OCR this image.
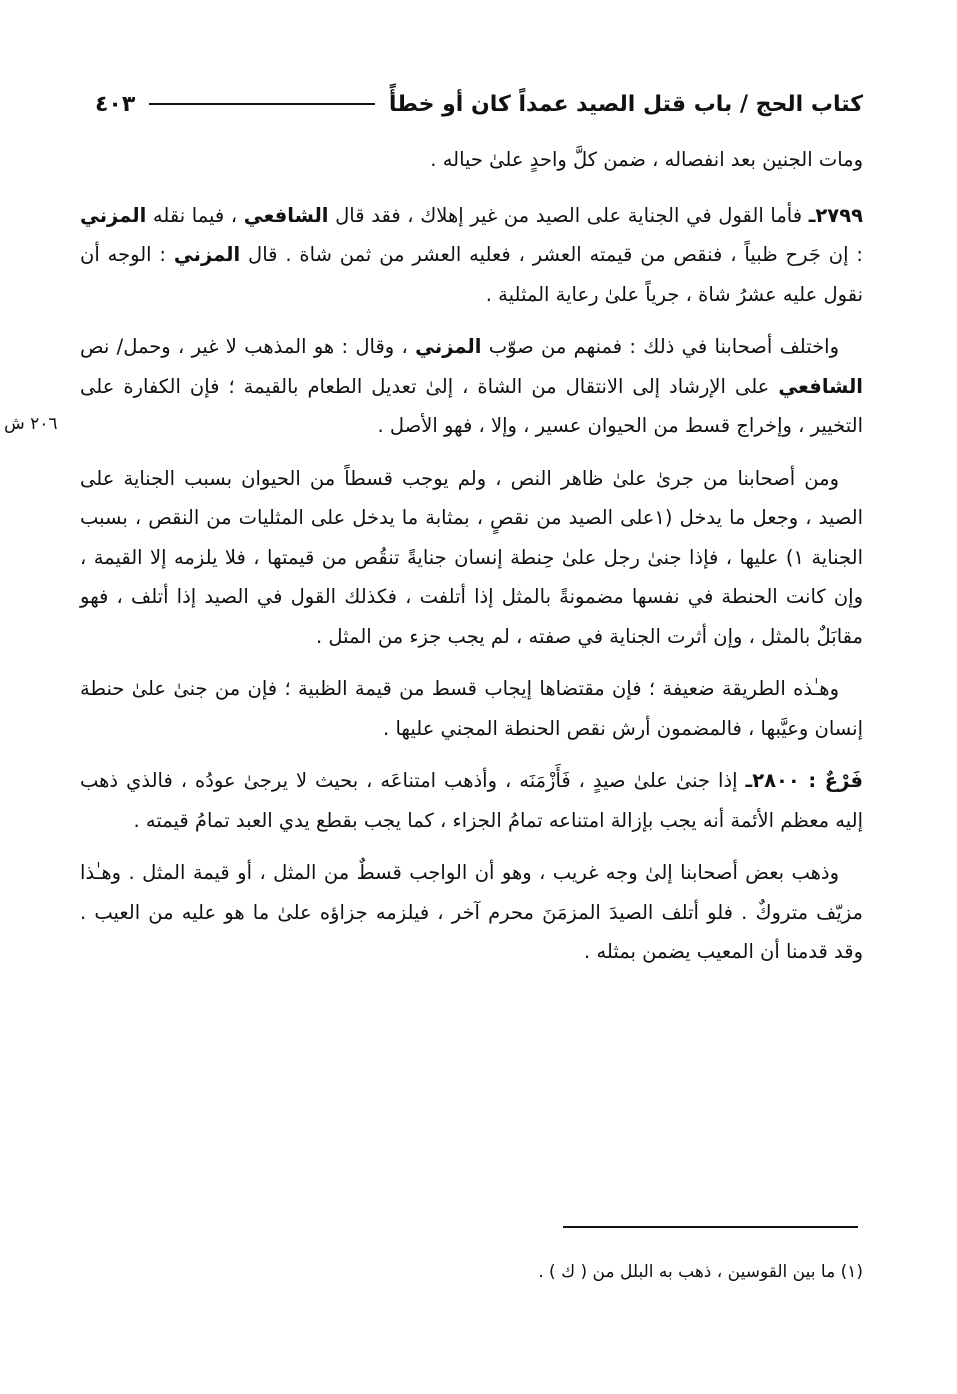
كتاب الحج / باب قتل الصيد عمداً كان أو خطأً
٤٠٣
٢٠٦ ش

ومات الجنين بعد انفصاله ، ضمن كلَّ واحدٍ علىٰ حياله .

٢٧٩٩ـ فأما القول في الجناية على الصيد من غير إهلاك ، فقد قال الشافعي ، فيما نقله المزني : إن جَرح ظبياً ، فنقص من قيمته العشر ، فعليه العشر من ثمن شاة . قال المزني : الوجه أن نقول عليه عشرُ شاة ، جرياً علىٰ رعاية المثلية .

واختلف أصحابنا في ذلك : فمنهم من صوّب المزني ، وقال : هو المذهب لا غير ، وحمل/ نص الشافعي على الإرشاد إلى الانتقال من الشاة ، إلىٰ تعديل الطعام بالقيمة ؛ فإن الكفارة على التخيير ، وإخراج قسط من الحيوان عسير ، وإلا ، فهو الأصل .

ومن أصحابنا من جرىٰ علىٰ ظاهر النص ، ولم يوجب قسطاً من الحيوان بسبب الجناية على الصيد ، وجعل ما يدخل (١على الصيد من نقصٍ ، بمثابة ما يدخل على المثليات من النقص ، بسبب الجناية ١) عليها ، فإذا جنىٰ رجل علىٰ حِنطة إنسان جنايةً تنقُص من قيمتها ، فلا يلزمه إلا القيمة ، وإن كانت الحنطة في نفسها مضمونةً بالمثل إذا أتلفت ، فكذلك القول في الصيد إذا أتلف ، فهو مقابَلٌ بالمثل ، وإن أثرت الجناية في صفته ، لم يجب جزء من المثل .

وهـٰذه الطريقة ضعيفة ؛ فإن مقتضاها إيجاب قسط من قيمة الظبية ؛ فإن من جنىٰ علىٰ حنطة إنسان وعيَّبها ، فالمضمون أرش نقص الحنطة المجني عليها .

فَرْعٌ : ٢٨٠٠ـ إذا جنىٰ علىٰ صيدٍ ، فَأَزْمَنَه ، وأذهب امتناعَه ، بحيث لا يرجىٰ عودُه ، فالذي ذهب إليه معظم الأئمة أنه يجب بإزالة امتناعه تمامُ الجزاء ، كما يجب بقطع يدي العبد تمامُ قيمته .

وذهب بعض أصحابنا إلىٰ وجه غريب ، وهو أن الواجب قسطٌ من المثل ، أو قيمة المثل . وهـٰذا مزيّف متروكٌ . فلو أتلف الصيدَ المزمَنَ محرم آخر ، فيلزمه جزاؤه علىٰ ما هو عليه من العيب . وقد قدمنا أن المعيب يضمن بمثله .

(١) ما بين القوسين ، ذهب به البلل من ( ك ) .
